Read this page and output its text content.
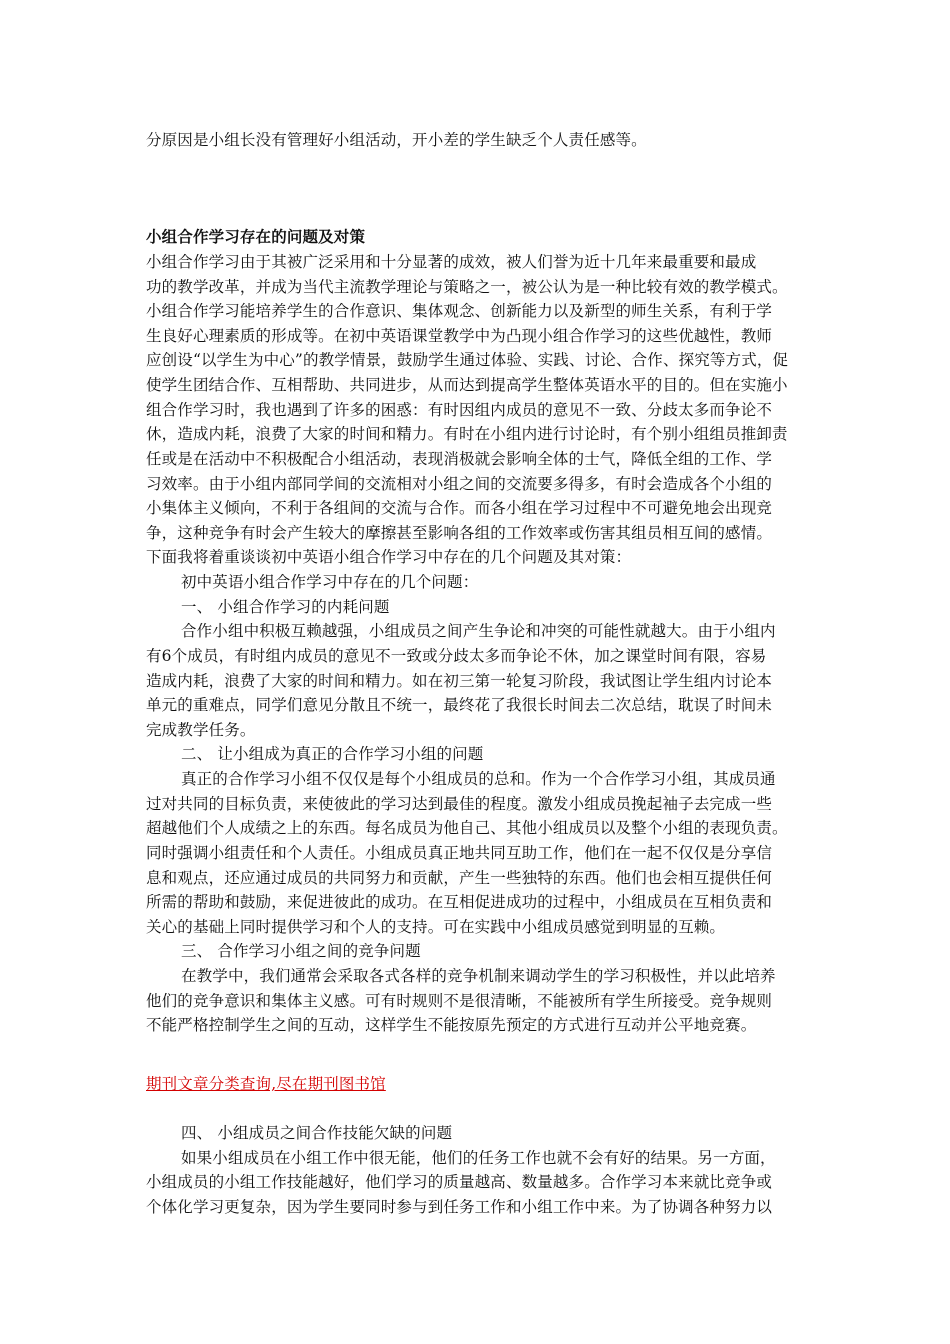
分原因是小组长没有管理好小组活动，开小差的学生缺乏个人责任感等。
小组合作学习存在的问题及对策
小组合作学习由于其被广泛采用和十分显著的成效，被人们誉为近十几年来最重要和最成
功的教学改革，并成为当代主流教学理论与策略之一，被公认为是一种比较有效的教学模式。
小组合作学习能培养学生的合作意识、集体观念、创新能力以及新型的师生关系，有利于学
生良好心理素质的形成等。在初中英语课堂教学中为凸现小组合作学习的这些优越性，教师
应创设“以学生为中心”的教学情景，鼓励学生通过体验、实践、讨论、合作、探究等方式，促
使学生团结合作、互相帮助、共同进步，从而达到提高学生整体英语水平的目的。但在实施小
组合作学习时，我也遇到了许多的困惑：有时因组内成员的意见不一致、分歧太多而争论不
休，造成内耗，浪费了大家的时间和精力。有时在小组内进行讨论时，有个别小组组员推卸责
任或是在活动中不积极配合小组活动，表现消极就会影响全体的士气，降低全组的工作、学
习效率。由于小组内部同学间的交流相对小组之间的交流要多得多，有时会造成各个小组的
小集体主义倾向，不利于各组间的交流与合作。而各小组在学习过程中不可避免地会出现竞
争，这种竞争有时会产生较大的摩擦甚至影响各组的工作效率或伤害其组员相互间的感情。
下面我将着重谈谈初中英语小组合作学习中存在的几个问题及其对策：
初中英语小组合作学习中存在的几个问题：
一、 小组合作学习的内耗问题
合作小组中积极互赖越强，小组成员之间产生争论和冲突的可能性就越大。由于小组内
有6个成员，有时组内成员的意见不一致或分歧太多而争论不休，加之课堂时间有限，容易
造成内耗，浪费了大家的时间和精力。如在初三第一轮复习阶段，我试图让学生组内讨论本
单元的重难点，同学们意见分散且不统一，最终花了我很长时间去二次总结，耽误了时间未
完成教学任务。
二、 让小组成为真正的合作学习小组的问题
真正的合作学习小组不仅仅是每个小组成员的总和。作为一个合作学习小组，其成员通
过对共同的目标负责，来使彼此的学习达到最佳的程度。激发小组成员挽起袖子去完成一些
超越他们个人成绩之上的东西。每名成员为他自己、其他小组成员以及整个小组的表现负责。
同时强调小组责任和个人责任。小组成员真正地共同互助工作，他们在一起不仅仅是分享信
息和观点，还应通过成员的共同努力和贡献，产生一些独特的东西。他们也会相互提供任何
所需的帮助和鼓励，来促进彼此的成功。在互相促进成功的过程中，小组成员在互相负责和
关心的基础上同时提供学习和个人的支持。可在实践中小组成员感觉到明显的互赖。
三、 合作学习小组之间的竞争问题
在教学中，我们通常会采取各式各样的竞争机制来调动学生的学习积极性，并以此培养
他们的竞争意识和集体主义感。可有时规则不是很清晰，不能被所有学生所接受。竞争规则
不能严格控制学生之间的互动，这样学生不能按原先预定的方式进行互动并公平地竞赛。
期刊文章分类查询,尽在期刊图书馆
四、 小组成员之间合作技能欠缺的问题
如果小组成员在小组工作中很无能，他们的任务工作也就不会有好的结果。另一方面，
小组成员的小组工作技能越好，他们学习的质量越高、数量越多。合作学习本来就比竞争或
个体化学习更复杂，因为学生要同时参与到任务工作和小组工作中来。为了协调各种努力以
